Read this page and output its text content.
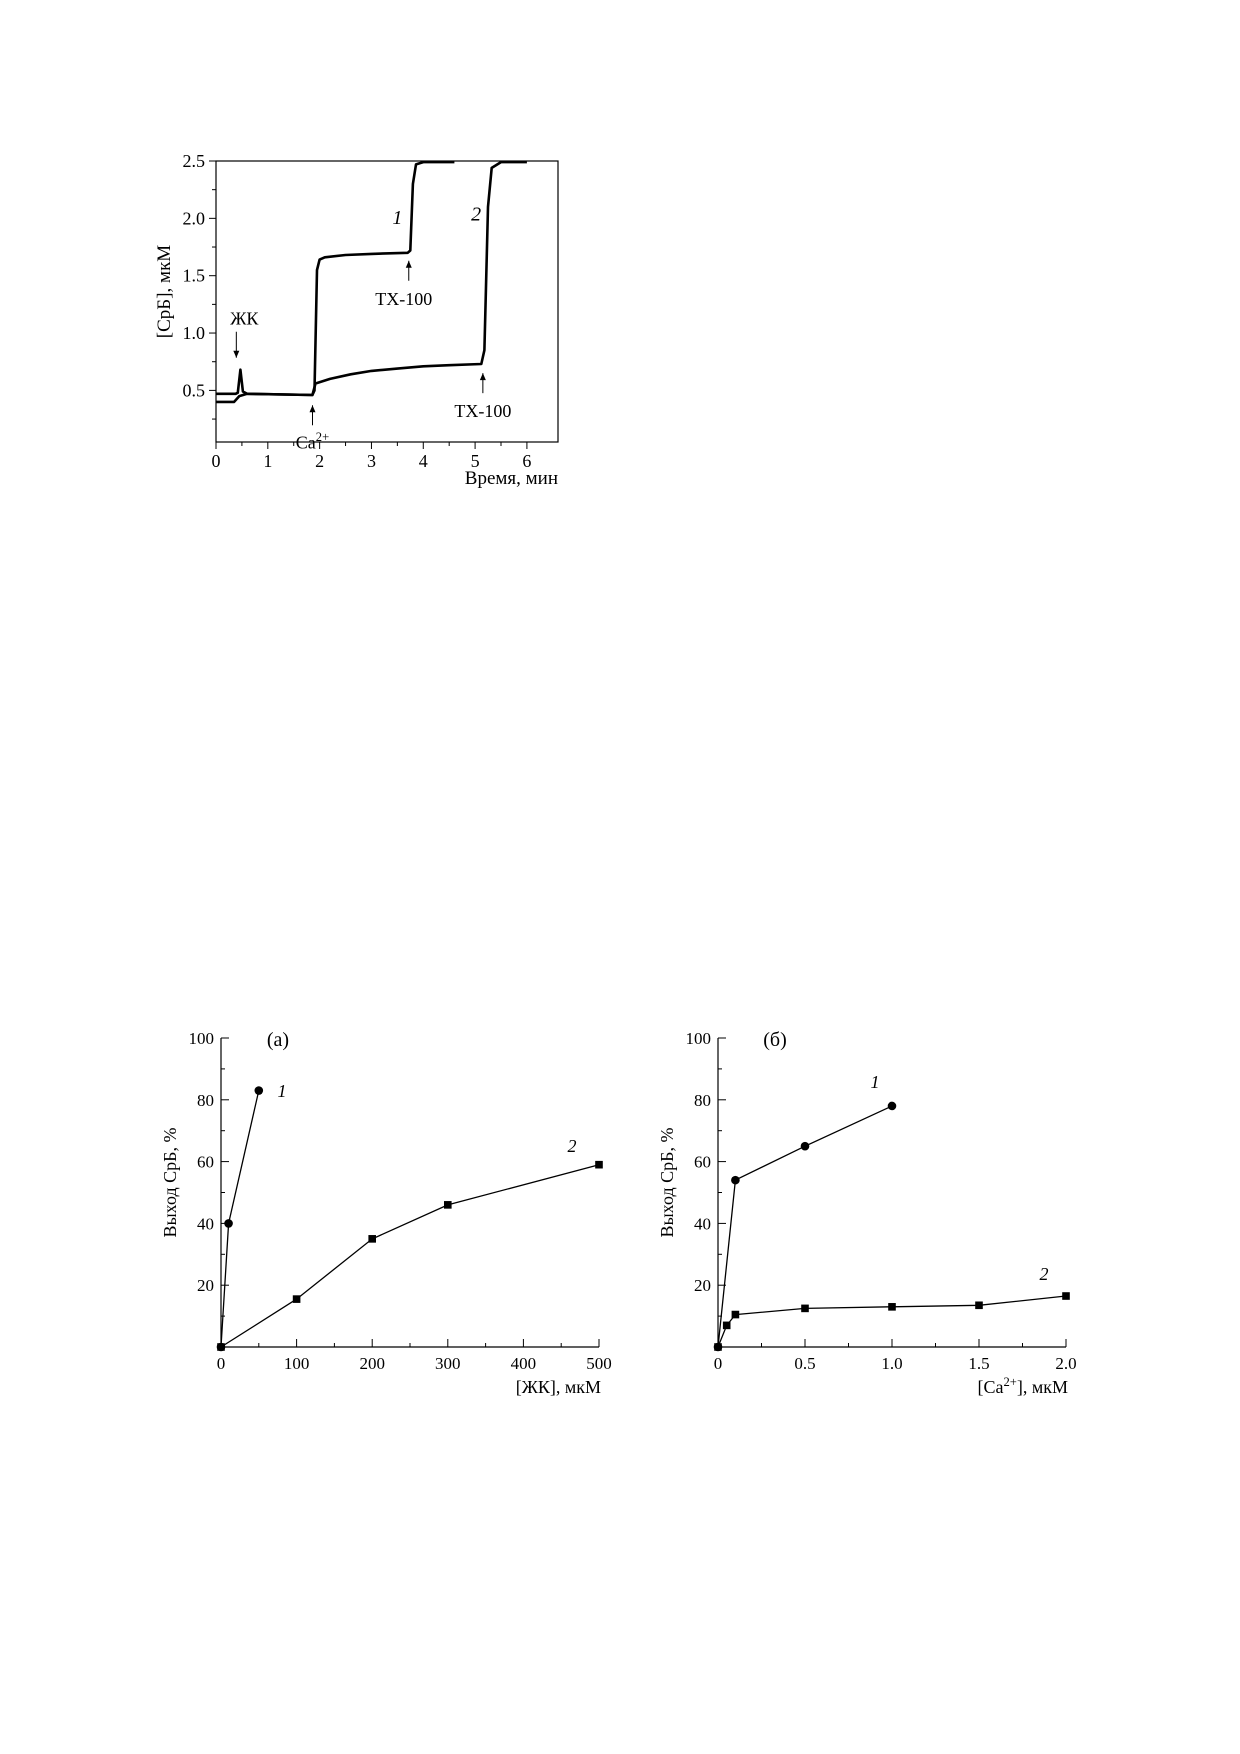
0 1 2 3 4 5 6
0.5
1.0
1.5
2.0
2.5
Время, мин
[СрБ], мкМ
1	2
ЖК
$Ca^{2+}$
TX-100
TX-100
0	100	200	300	400	500
20
40
60
80
100
[ЖК], мкМ
Выход СрБ, %
(а)
1
2
0	0.5	1.0	1.5	2.0
20
40
60
80
100
$[Ca^{2+}]$, мкМ
Выход СрБ, %
(б)
1
2
